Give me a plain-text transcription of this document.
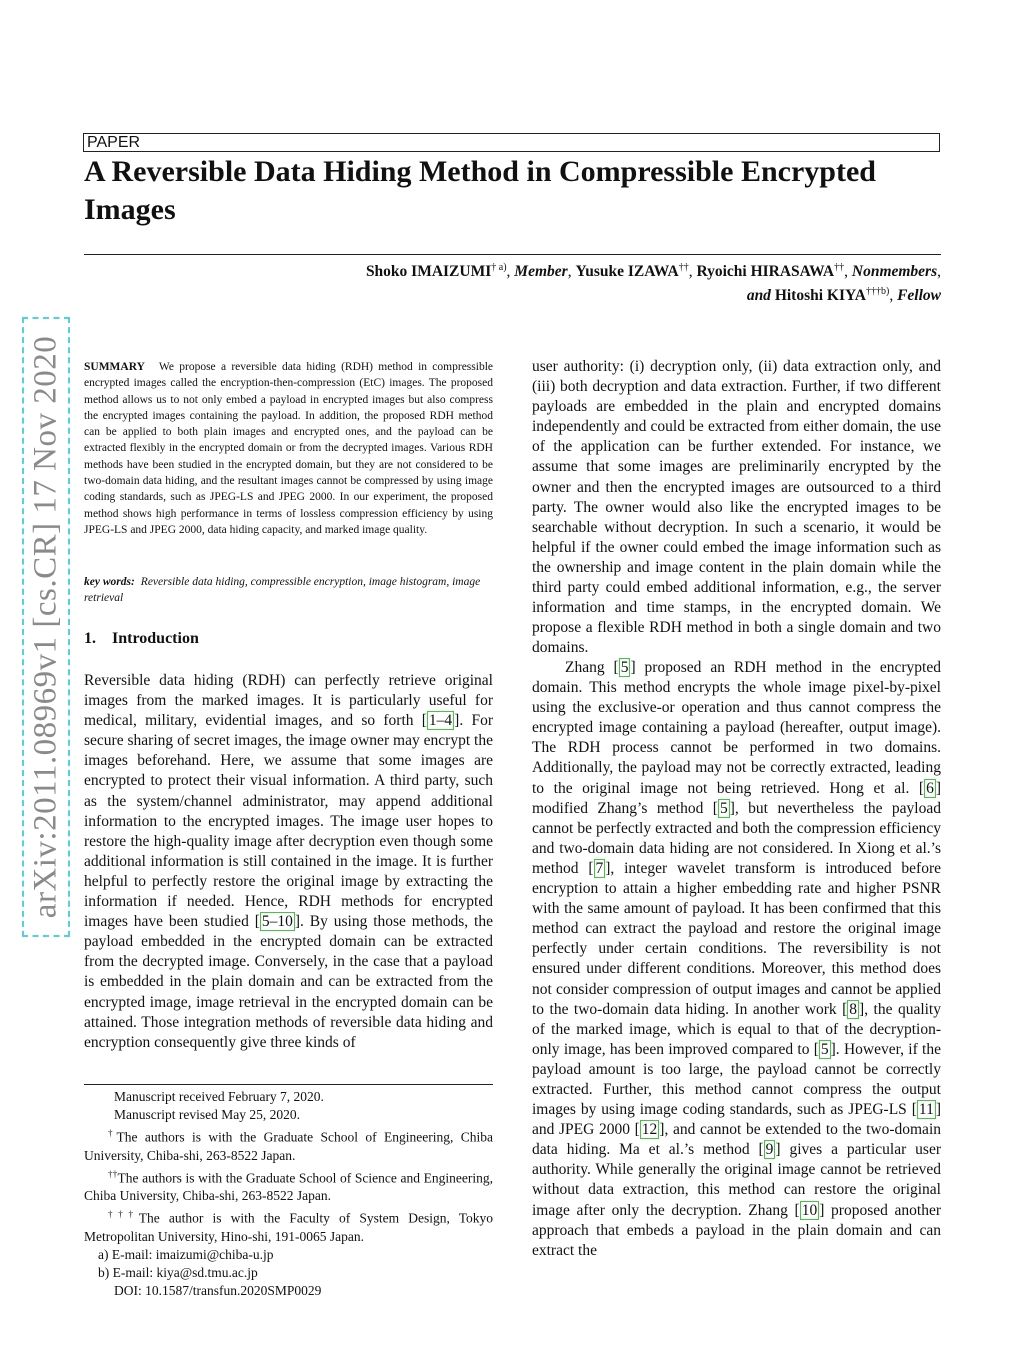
PAPER
A Reversible Data Hiding Method in Compressible Encrypted Images
Shoko IMAIZUMI$^{\dagger a)}$, Member, Yusuke IZAWA††, Ryoichi HIRASAWA††, Nonmembers,
and Hitoshi KIYA$^{\dagger\dagger\dagger b)}$, Fellow
arXiv:2011.08969v1 [cs.CR] 17 Nov 2020 SUMMARY We propose a reversible data hiding (RDH) method in compressible encrypted images called the encryption-then-compression (EtC) images. The proposed method allows us to not only embed a payload in encrypted images but also compress the encrypted images containing the payload. In addition, the proposed RDH method can be applied to both plain images and encrypted ones, and the payload can be extracted flexibly in the encrypted domain or from the decrypted images. Various RDH methods have been studied in the encrypted domain, but they are not considered to be two-domain data hiding, and the resultant images cannot be compressed by using image coding standards, such as JPEG-LS and JPEG 2000. In our experiment, the proposed method shows high performance in terms of lossless compression efficiency by using JPEG-LS and JPEG 2000, data hiding capacity, and marked image quality.
key words: Reversible data hiding, compressible encryption, image histogram, image retrieval
1. Introduction
Reversible data hiding (RDH) can perfectly retrieve original images from the marked images. It is particularly useful for medical, military, evidential images, and so forth [ 1–4 ]. For secure sharing of secret images, the image owner may encrypt the images beforehand. Here, we assume that some images are encrypted to protect their visual information. A third party, such as the system/channel administrator, may append additional information to the encrypted images. The image user hopes to restore the high-quality image after decryption even though some additional information is still contained in the image. It is further helpful to perfectly restore the original image by extracting the information if needed. Hence, RDH methods for encrypted images have been studied [ 5–10 ]. By using those methods, the payload embedded in the encrypted domain can be extracted from the decrypted image. Conversely, in the case that a payload is embedded in the plain domain and can be extracted from the encrypted image, image retrieval in the encrypted domain can be attained. Those integration methods of reversible data hiding and encryption consequently give three kinds of

Manuscript received February 7, 2020.

Manuscript revised May 25, 2020.

†The authors is with the Graduate School of Engineering, Chiba University, Chiba-shi, 263-8522 Japan.

††The authors is with the Graduate School of Science and Engineering, Chiba University, Chiba-shi, 263-8522 Japan.

†††The author is with the Faculty of System Design, Tokyo Metropolitan University, Hino-shi, 191-0065 Japan.

a) E-mail: imaizumi@chiba-u.jp

b) E-mail: kiya@sd.tmu.ac.jp

DOI: 10.1587/transfun.2020SMP0029

user authority: (i) decryption only, (ii) data extraction only, and (iii) both decryption and data extraction. Further, if two different payloads are embedded in the plain and encrypted domains independently and could be extracted from either domain, the use of the application can be further extended. For instance, we assume that some images are preliminarily encrypted by the owner and then the encrypted images are outsourced to a third party. The owner would also like the encrypted images to be searchable without decryption. In such a scenario, it would be helpful if the owner could embed the image information such as the ownership and image content in the plain domain while the third party could embed additional information, e.g., the server information and time stamps, in the encrypted domain. We propose a flexible RDH method in both a single domain and two domains.
Zhang [ 5 ] proposed an RDH method in the encrypted domain. This method encrypts the whole image pixel-by-pixel using the exclusive-or operation and thus cannot compress the encrypted image containing a payload (hereafter, output image). The RDH process cannot be performed in two domains. Additionally, the payload may not be correctly extracted, leading to the original image not being retrieved. Hong et al. [ 6 ] modified Zhang’s method [ 5 ], but nevertheless the payload cannot be perfectly extracted and both the compression efficiency and two-domain data hiding are not considered. In Xiong et al.’s method [ 7 ], integer wavelet transform is introduced before encryption to attain a higher embedding rate and higher PSNR with the same amount of payload. It has been confirmed that this method can extract the payload and restore the original image perfectly under certain conditions. The reversibility is not ensured under different conditions. Moreover, this method does not consider compression of output images and cannot be applied to the two-domain data hiding. In another work [ 8 ], the quality of the marked image, which is equal to that of the decryption-only image, has been improved compared to [ 5 ]. However, if the payload amount is too large, the payload cannot be correctly extracted. Further, this method cannot compress the output images by using image coding standards, such as JPEG-LS [ 11 ] and JPEG 2000 [ 12 ], and cannot be extended to the two-domain data hiding. Ma et al.’s method [ 9 ] gives a particular user authority. While generally the original image cannot be retrieved without data extraction, this method can restore the original image after only the decryption. Zhang [ 10 ] proposed another approach that embeds a payload in the plain domain and can extract the
